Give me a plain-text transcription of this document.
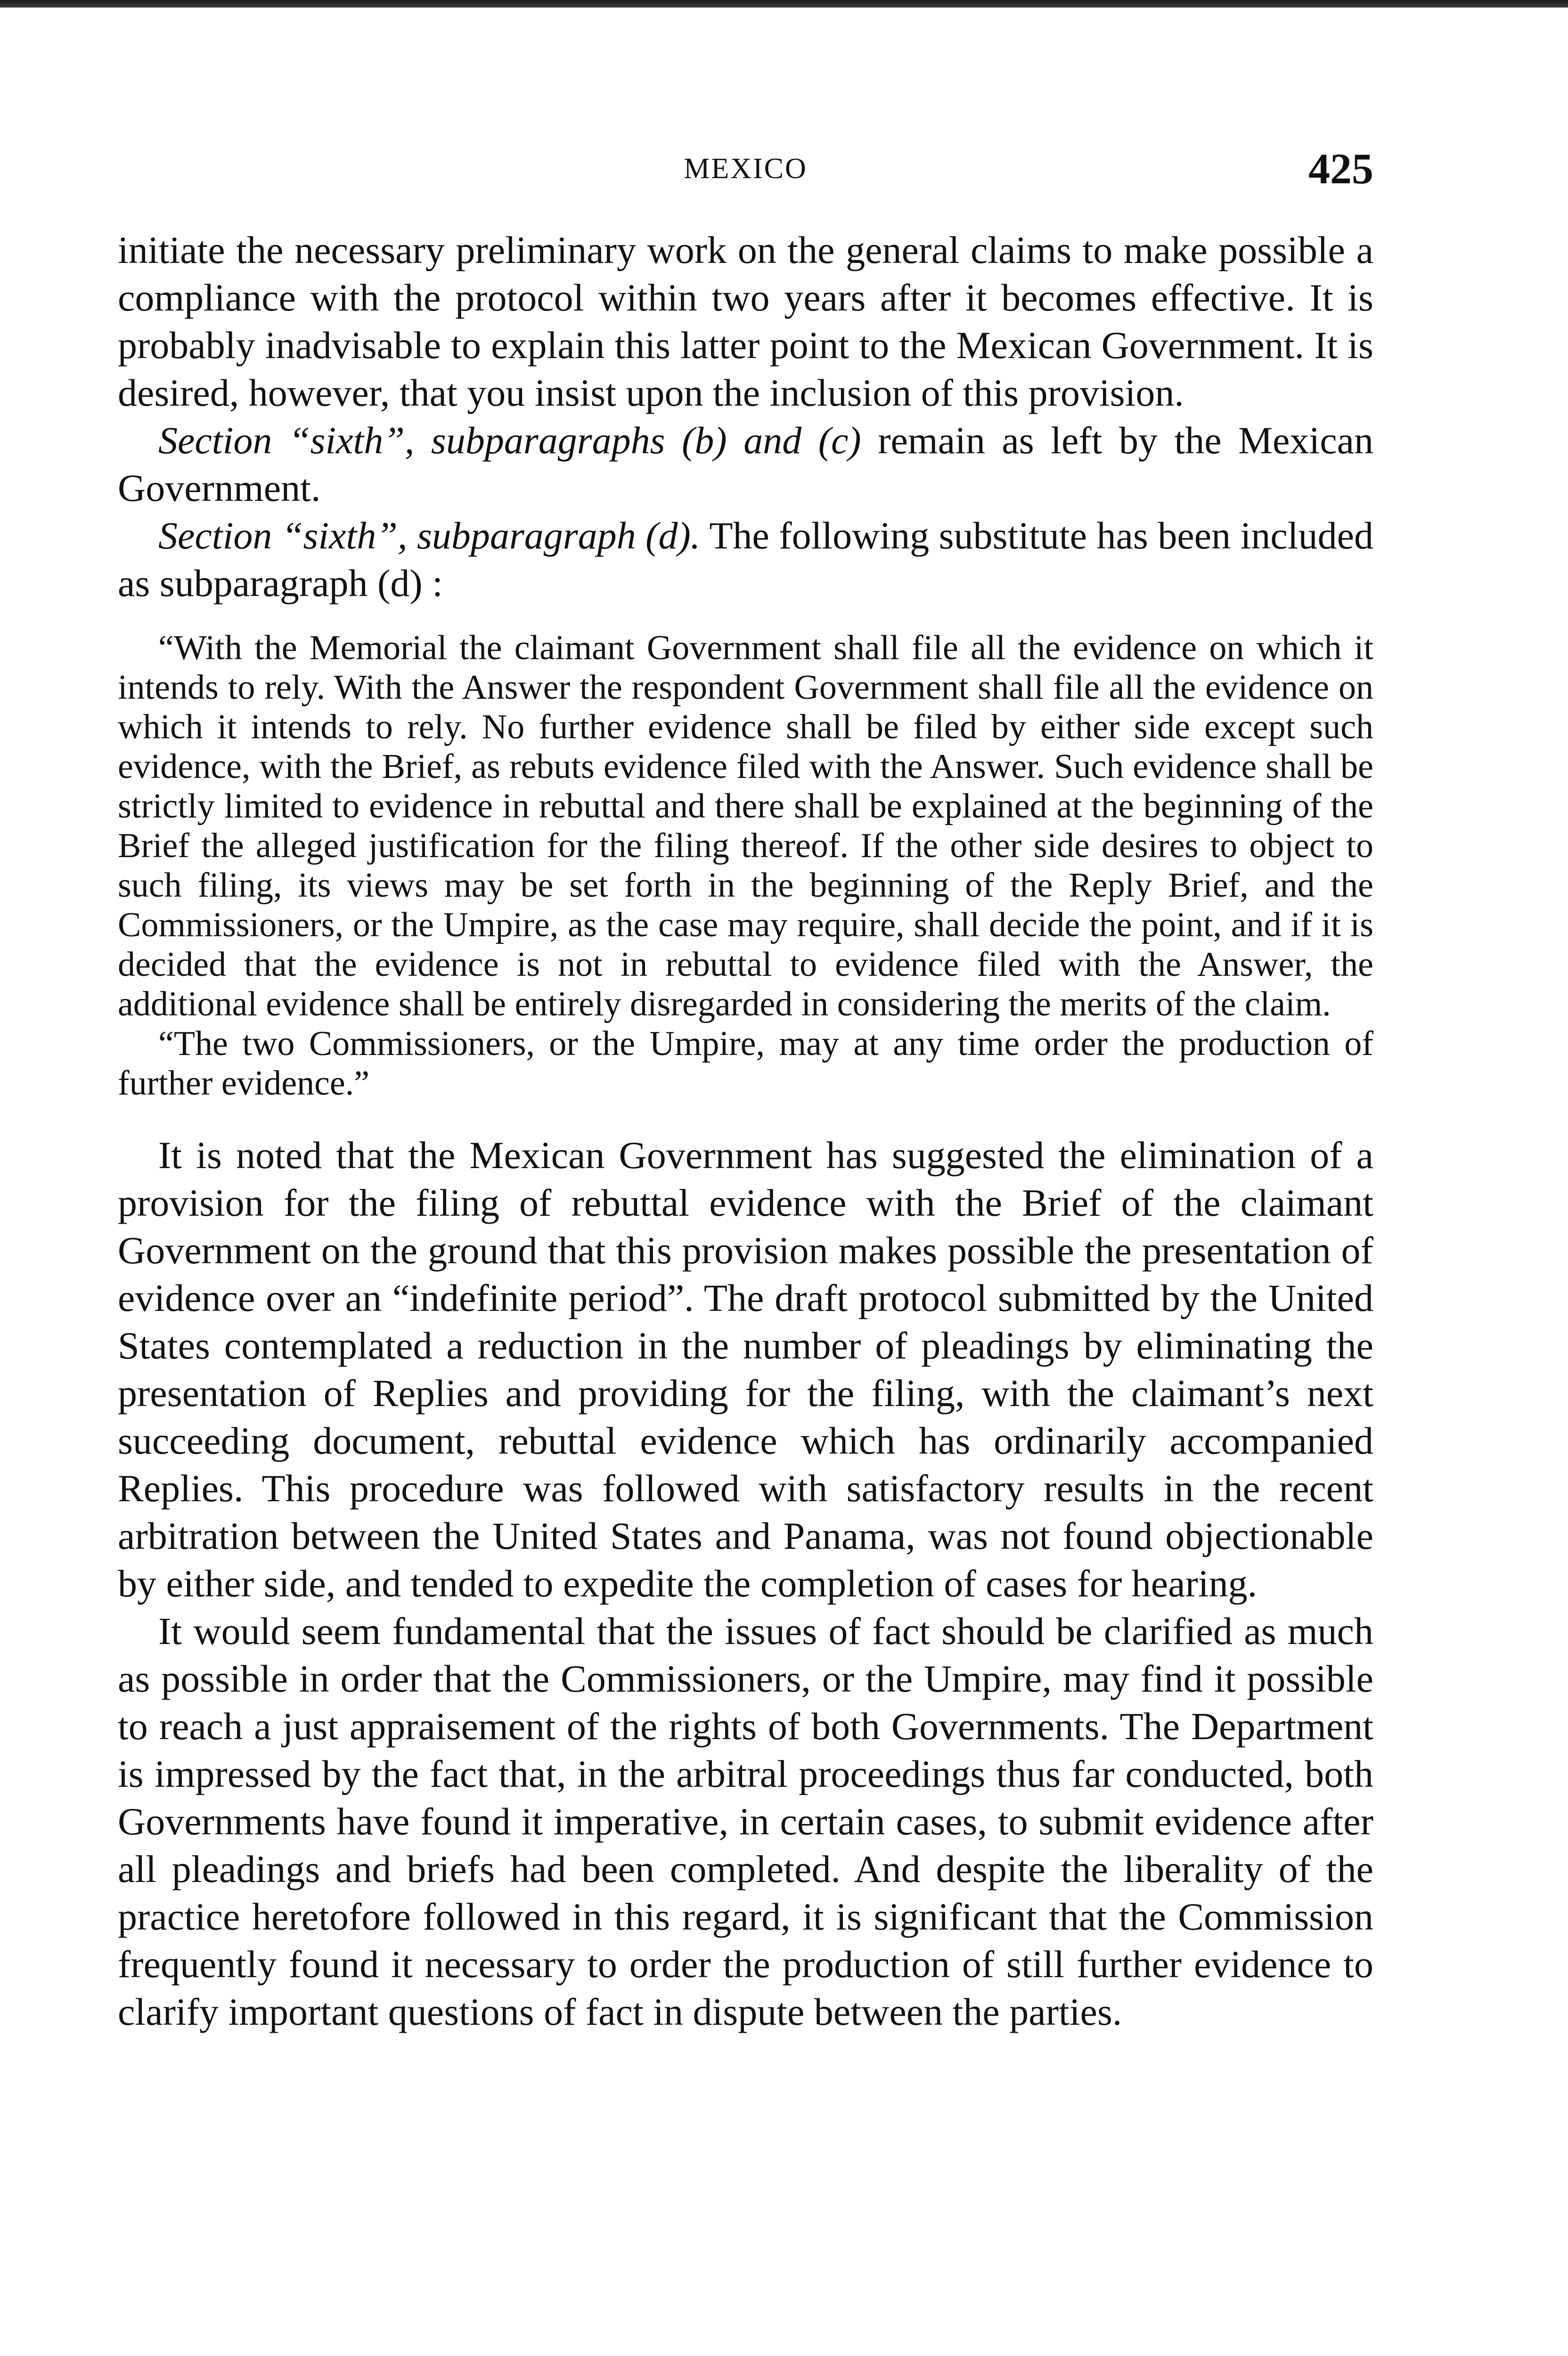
MEXICO	425

initiate the necessary preliminary work on the general claims to make possible a compliance with the protocol within two years after it becomes effective. It is probably inadvisable to explain this latter point to the Mexican Government. It is desired, however, that you insist upon the inclusion of this provision.

Section “sixth”, subparagraphs (b) and (c) remain as left by the Mexican Government.

Section “sixth”, subparagraph (d). The following substitute has been included as subparagraph (d) :

“With the Memorial the claimant Government shall file all the evidence on which it intends to rely. With the Answer the respondent Government shall file all the evidence on which it intends to rely. No further evidence shall be filed by either side except such evidence, with the Brief, as rebuts evidence filed with the Answer. Such evidence shall be strictly limited to evidence in rebuttal and there shall be explained at the beginning of the Brief the alleged justification for the filing thereof. If the other side desires to object to such filing, its views may be set forth in the beginning of the Reply Brief, and the Commissioners, or the Umpire, as the case may require, shall decide the point, and if it is decided that the evidence is not in rebuttal to evidence filed with the Answer, the additional evidence shall be entirely disregarded in considering the merits of the claim.

“The two Commissioners, or the Umpire, may at any time order the production of further evidence.”

It is noted that the Mexican Government has suggested the elimination of a provision for the filing of rebuttal evidence with the Brief of the claimant Government on the ground that this provision makes possible the presentation of evidence over an “indefinite period”. The draft protocol submitted by the United States contemplated a reduction in the number of pleadings by eliminating the presentation of Replies and providing for the filing, with the claimant’s next succeeding document, rebuttal evidence which has ordinarily accompanied Replies. This procedure was followed with satisfactory results in the recent arbitration between the United States and Panama, was not found objectionable by either side, and tended to expedite the completion of cases for hearing.

It would seem fundamental that the issues of fact should be clarified as much as possible in order that the Commissioners, or the Umpire, may find it possible to reach a just appraisement of the rights of both Governments. The Department is impressed by the fact that, in the arbitral proceedings thus far conducted, both Governments have found it imperative, in certain cases, to submit evidence after all pleadings and briefs had been completed. And despite the liberality of the practice heretofore followed in this regard, it is significant that the Commission frequently found it necessary to order the production of still further evidence to clarify important questions of fact in dispute between the parties.
